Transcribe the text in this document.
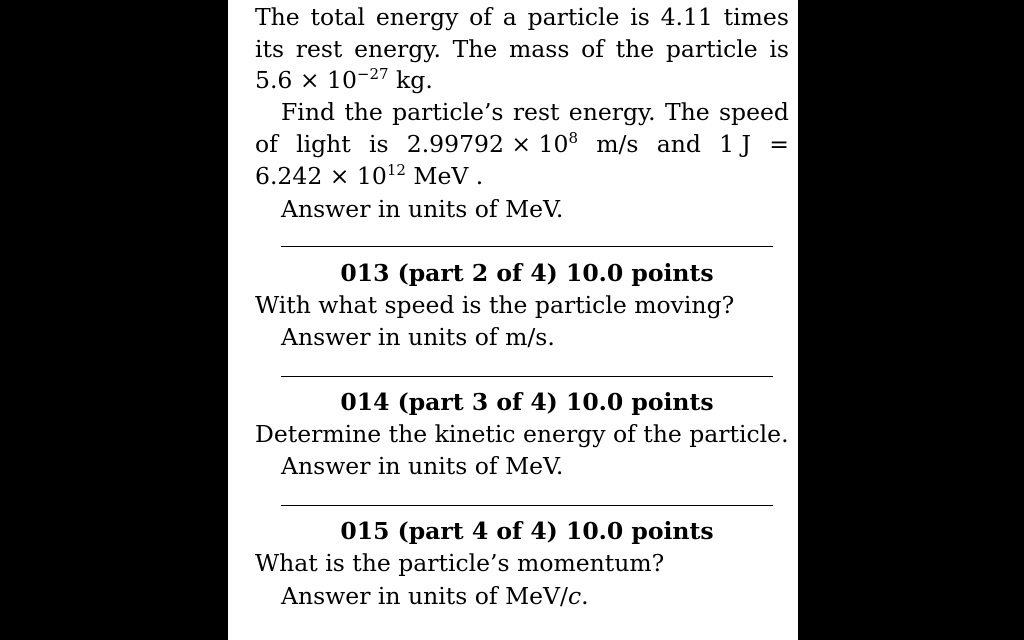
The total energy of a particle is 4.11 times
its rest energy. The mass of the particle is
$5.6 \times 10^{-27}$ kg.
Find the particle’s rest energy. The speed
of light is $2.99792 \times 10^8$ m/s and 1 J =
$6.242 \times 10^{12}$ MeV .
Answer in units of MeV.
013 (part 2 of 4) 10.0 points
With what speed is the particle moving?
Answer in units of m/s.
014 (part 3 of 4) 10.0 points
Determine the kinetic energy of the particle.
Answer in units of MeV.
015 (part 4 of 4) 10.0 points
What is the particle’s momentum?
Answer in units of MeV/c.
